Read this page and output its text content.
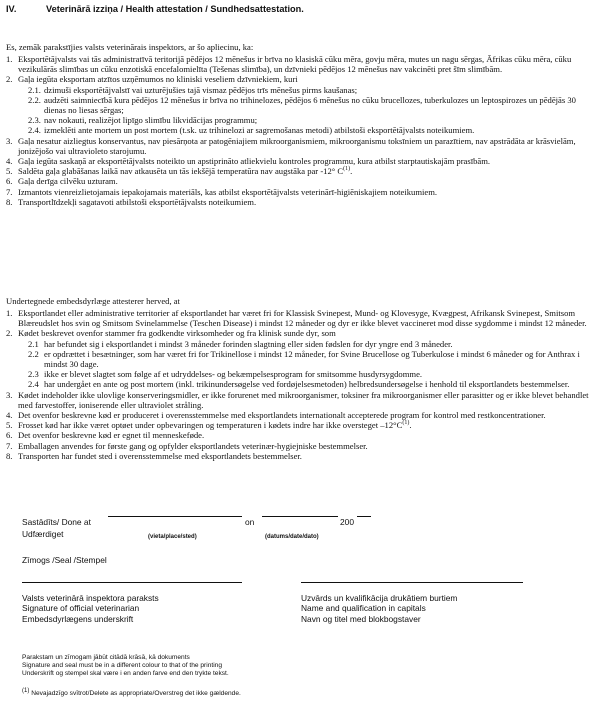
IV.	Veterinārā izziņa / Health attestation / Sundhedsattestation.
Es, zemāk parakstījies valsts veterinārais inspektors, ar šo apliecinu, ka:
1. Eksportētājvalsts vai tās administratīvā teritorijā pēdējos 12 mēnešus ir brīva no klasiskā cūku mēra, govju mēra, mutes un nagu sērgas, Āfrikas cūku mēra, cūku vezikulārās slimības un cūku enzotiskā encefalomielīta (Tešenas slimība), un dzīvnieki pēdējos 12 mēnešus nav vakcinēti pret šīm slimībām.
2. Gaļa iegūta eksportam atzītos uzņēmumos no kliniski veseliem dzīvniekiem, kuri
2.1. dzimuši eksportētājvalstī vai uzturējušies tajā vismaz pēdējos trīs mēnešus pirms kaušanas;
2.2. audzēti saimniecībā kura pēdējos 12 mēnešus ir brīva no trihinelozes, pēdējos 6 mēnešus no cūku brucellozes, tuberkulozes un leptospirozes un pēdējās 30 dienas no liesas sērgas;
2.3. nav nokauti, realizējot lipīgo slimību likvidācijas programmu;
2.4. izmeklēti ante mortem un post mortem (t.sk. uz trihinelozi ar sagremošanas metodi) atbilstoši eksportētājvalsts noteikumiem.
3. Gaļa nesatur aizliegtus konservantus, nav piesārņota ar patogēniajiem mikroorganismiem, mikroorganismu toksīniem un parazītiem, nav apstrādāta ar krāsvielām, jonizējošo vai ultravioleto starojumu.
4. Gaļa iegūta saskaņā ar eksportētājvalsts noteikto un apstiprināto atliekvielu kontroles programmu, kura atbilst starptautiskajām prasībām.
5. Saldēta gaļa glabāšanas laikā nav atkausēta un tās iekšējā temperatūra nav augstāka par -12° $C^{(1)}$.
6. Gaļa derīga cilvēku uzturam.
7. Izmantots vienreizlietojamais iepakojamais materiāls, kas atbilst eksportētājvalsts veterinārī-higiēniskajiem noteikumiem.
8. Transportlīdzekļi sagatavoti atbilstoši eksportētājvalsts noteikumiem.
Undertegnede embedsdyrlæge attesterer herved, at
1. Eksportlandet eller administrative territorier af eksportlandet har været fri for Klassisk Svinepest, Mund- og Klovesyge, Kvægpest, Afrikansk Svinepest, Smitsom Blæreudslet hos svin og Smitsom Svinelammelse (Teschen Disease) i mindst 12 måneder og dyr er ikke blevet vaccineret mod disse sygdomme i mindst 12 måneder.
2. Kødet beskrevet ovenfor stammer fra godkendte virksomheder og fra klinisk sunde dyr, som
2.1 har befundet sig i eksportlandet i mindst 3 måneder forinden slagtning eller siden fødslen for dyr yngre end 3 måneder.
2.2 er opdrættet i besætninger, som har været fri for Trikinellose i mindst 12 måneder, for Svine Brucellose og Tuberkulose i mindst 6 måneder og for Anthrax i mindst 30 dage.
2.3 ikke er blevet slagtet som følge af et udryddelses- og bekæmpelsesprogram for smitsomme husdyrsygdomme.
2.4 har undergået en ante og post mortem (inkl. trikinundersøgelse ved fordøjelsesmetoden) helbredsundersøgelse i henhold til eksportlandets bestemmelser.
3. Kødet indeholder ikke ulovlige konserveringsmidler, er ikke forurenet med mikroorganismer, toksiner fra mikroorganismer eller parasitter og er ikke blevet behandlet med farvestoffer, ioniserende eller ultraviolet stråling.
4. Det ovenfor beskrevne kød er produceret i overensstemmelse med eksportlandets internationalt accepterede program for kontrol med restkoncentrationer.
5. Frosset kød har ikke været optøet under opbevaringen og temperaturen i kødets indre har ikke oversteget $-12^\circ C^{(1)}$.
6. Det ovenfor beskrevne kød er egnet til menneskeføde.
7. Emballagen anvendes for første gang og opfylder eksportlandets veterinær-hygiejniske bestemmelser.
8. Transporten har fundet sted i overensstemmelse med eksportlandets bestemmelser.
Sastādīts/ Done at	on	200
Udfærdiget	(vieta/place/sted)	(datums/date/dato)
Zīmogs /Seal /Stempel
Valsts veterinārā inspektora paraksts
Signature of official veterinarian
Embedsdyrlægens underskrift
Uzvārds un kvalifikācija drukātiem burtiem
Name and qualification in capitals
Navn og titel med blokbogstaver
Parakstam un zīmogam jābūt citādā krāsā, kā dokuments
Signature and seal must be in a different colour to that of the printing
Underskrift og stempel skal være i en anden farve end den trykte tekst.
(1) Nevajadzīgo svītrot/Delete as appropriate/Overstreg det ikke gældende.
